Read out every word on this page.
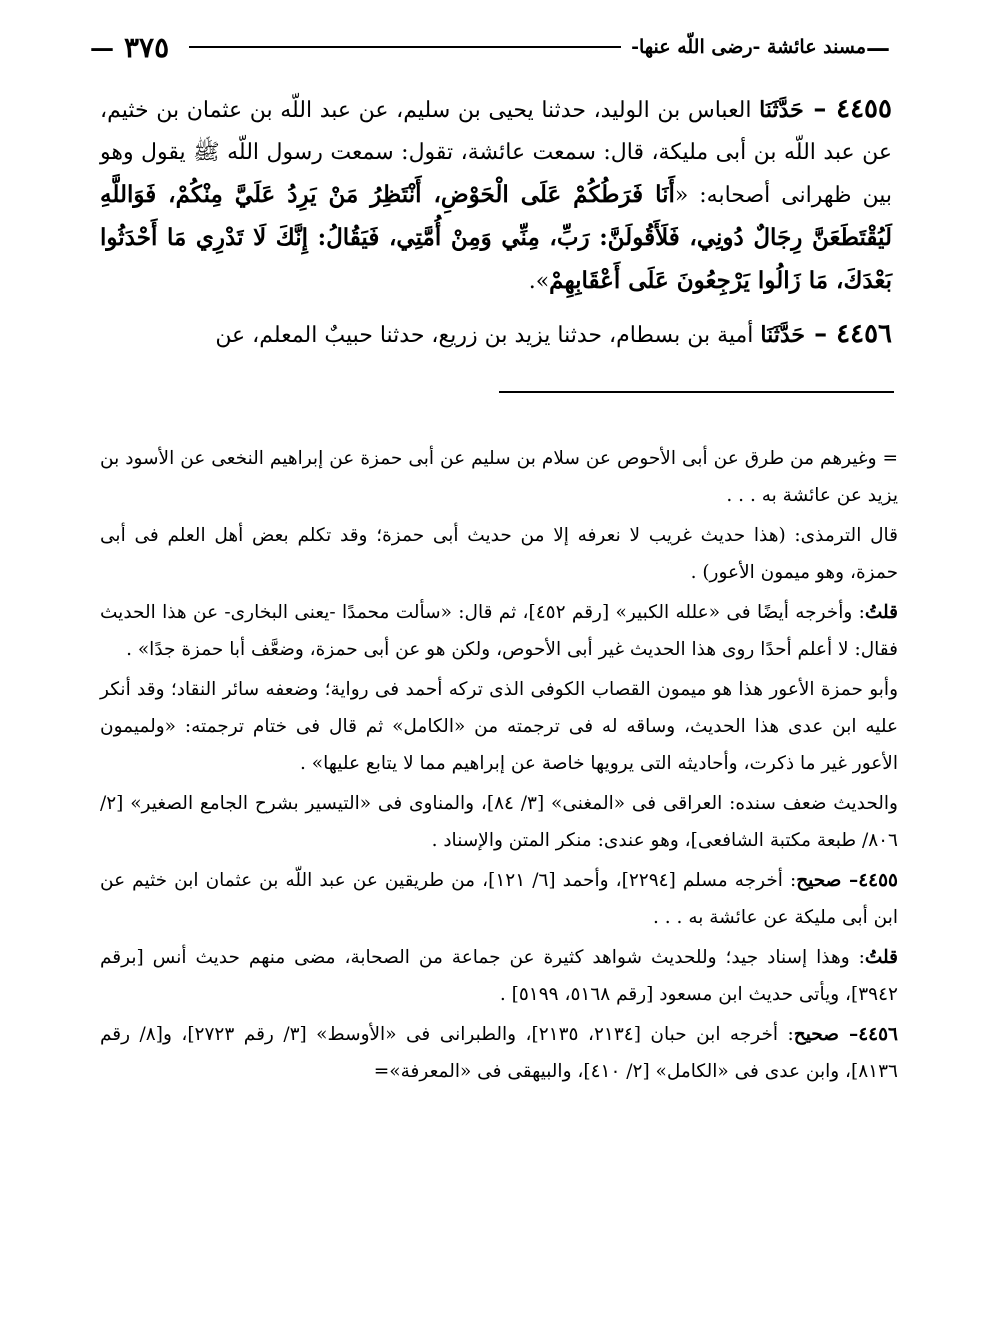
— ٣٧٥	مسند عائشة -رضى اللّه عنها- —

٤٤٥٥ – حَدَّثَنَا العباس بن الوليد، حدثنا يحيى بن سليم، عن عبد اللّه بن عثمان بن خثيم، عن عبد اللّه بن أبى مليكة، قال: سمعت عائشة، تقول: سمعت رسول اللّه ﷺ يقول وهو بين ظهرانى أصحابه: «أَنَا فَرَطُكُمْ عَلَى الْحَوْضِ، أَنْتَظِرُ مَنْ يَرِدُ عَلَيَّ مِنْكُمْ، فَوَاللَّهِ لَيُقْتَطَعَنَّ رِجَالٌ دُونِي، فَلَأَقُولَنَّ: رَبِّ، مِنِّي وَمِنْ أُمَّتِي، فَيَقُالُ: إِنَّكَ لَا تَدْرِي مَا أَحْدَثُوا بَعْدَكَ، مَا زَالُوا يَرْجِعُونَ عَلَى أَعْقَابِهِمْ».

٤٤٥٦ – حَدَّثَنَا أمية بن بسطام، حدثنا يزيد بن زريع، حدثنا حبيبٌ المعلم، عن

= وغيرهم من طرق عن أبى الأحوص عن سلام بن سليم عن أبى حمزة عن إبراهيم النخعى عن الأسود بن يزيد عن عائشة به . . .

قال الترمذى: (هذا حديث غريب لا نعرفه إلا من حديث أبى حمزة؛ وقد تكلم بعض أهل العلم فى أبى حمزة، وهو ميمون الأعور) .

قلتُ: وأخرجه أيضًا فى «علله الكبير» [رقم ٤٥٢]، ثم قال: «سألت محمدًا -يعنى البخارى- عن هذا الحديث فقال: لا أعلم أحدًا روى هذا الحديث غير أبى الأحوص، ولكن هو عن أبى حمزة، وضعَّف أبا حمزة جدًا» .

وأبو حمزة الأعور هذا هو ميمون القصاب الكوفى الذى تركه أحمد فى رواية؛ وضعفه سائر النقاد؛ وقد أنكر عليه ابن عدى هذا الحديث، وساقه له فى ترجمته من «الكامل» ثم قال فى ختام ترجمته: «ولميمون الأعور غير ما ذكرت، وأحاديثه التى يرويها خاصة عن إبراهيم مما لا يتابع عليها» .

والحديث ضعف سنده: العراقى فى «المغنى» [٣/ ٨٤]، والمناوى فى «التيسير بشرح الجامع الصغير» [٢/ ٨٠٦/ طبعة مكتبة الشافعى]، وهو عندى: منكر المتن والإسناد .

٤٤٥٥– صحيح: أخرجه مسلم [٢٢٩٤]، وأحمد [٦/ ١٢١]، من طريقين عن عبد اللّه بن عثمان ابن خثيم عن ابن أبى مليكة عن عائشة به . . .

قلتُ: وهذا إسناد جيد؛ وللحديث شواهد كثيرة عن جماعة من الصحابة، مضى منهم حديث أنس [برقم ٣٩٤٢]، ويأتى حديث ابن مسعود [رقم ٥١٦٨، ٥١٩٩] .

٤٤٥٦– صحيح: أخرجه ابن حبان [٢١٣٤، ٢١٣٥]، والطبرانى فى «الأوسط» [٣/ رقم ٢٧٢٣]، و[٨/ رقم ٨١٣٦]، وابن عدى فى «الكامل» [٢/ ٤١٠]، والبيهقى فى «المعرفة»=
